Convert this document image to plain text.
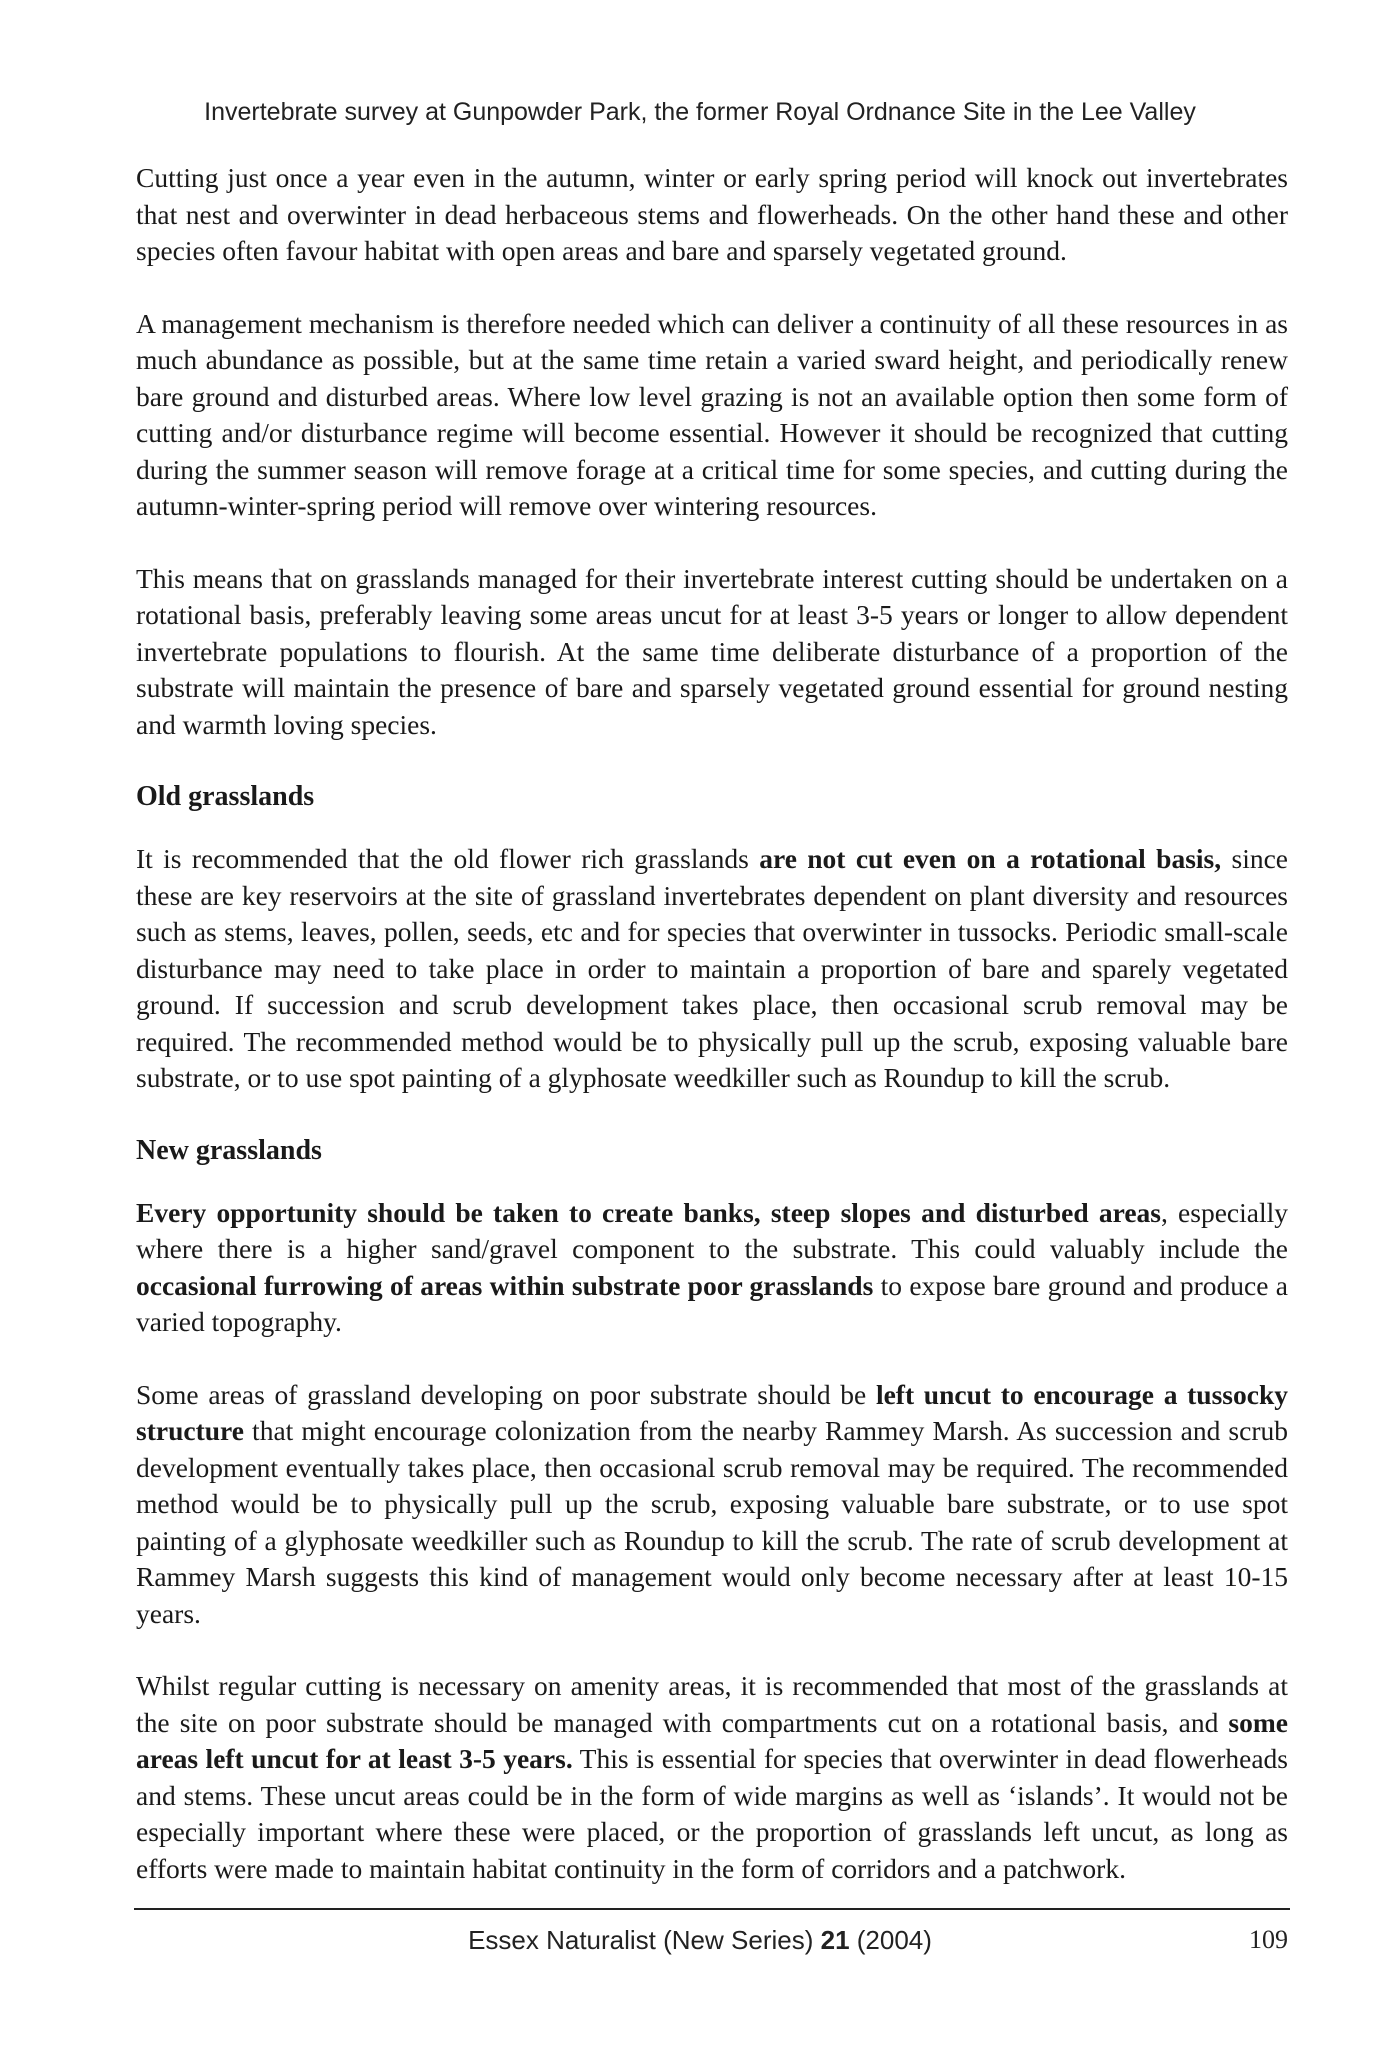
Invertebrate survey at Gunpowder Park, the former Royal Ordnance Site in the Lee Valley

Cutting just once a year even in the autumn, winter or early spring period will knock out invertebrates that nest and overwinter in dead herbaceous stems and flowerheads. On the other hand these and other species often favour habitat with open areas and bare and sparsely vegetated ground.

A management mechanism is therefore needed which can deliver a continuity of all these resources in as much abundance as possible, but at the same time retain a varied sward height, and periodically renew bare ground and disturbed areas. Where low level grazing is not an available option then some form of cutting and/or disturbance regime will become essential. However it should be recognized that cutting during the summer season will remove forage at a critical time for some species, and cutting during the autumn-winter-spring period will remove over wintering resources.

This means that on grasslands managed for their invertebrate interest cutting should be undertaken on a rotational basis, preferably leaving some areas uncut for at least 3-5 years or longer to allow dependent invertebrate populations to flourish. At the same time deliberate disturbance of a proportion of the substrate will maintain the presence of bare and sparsely vegetated ground essential for ground nesting and warmth loving species.

Old grasslands

It is recommended that the old flower rich grasslands are not cut even on a rotational basis, since these are key reservoirs at the site of grassland invertebrates dependent on plant diversity and resources such as stems, leaves, pollen, seeds, etc and for species that overwinter in tussocks. Periodic small-scale disturbance may need to take place in order to maintain a proportion of bare and sparely vegetated ground. If succession and scrub development takes place, then occasional scrub removal may be required. The recommended method would be to physically pull up the scrub, exposing valuable bare substrate, or to use spot painting of a glyphosate weedkiller such as Roundup to kill the scrub.

New grasslands

Every opportunity should be taken to create banks, steep slopes and disturbed areas, especially where there is a higher sand/gravel component to the substrate. This could valuably include the occasional furrowing of areas within substrate poor grasslands to expose bare ground and produce a varied topography.

Some areas of grassland developing on poor substrate should be left uncut to encourage a tussocky structure that might encourage colonization from the nearby Rammey Marsh. As succession and scrub development eventually takes place, then occasional scrub removal may be required. The recommended method would be to physically pull up the scrub, exposing valuable bare substrate, or to use spot painting of a glyphosate weedkiller such as Roundup to kill the scrub. The rate of scrub development at Rammey Marsh suggests this kind of management would only become necessary after at least 10-15 years.

Whilst regular cutting is necessary on amenity areas, it is recommended that most of the grasslands at the site on poor substrate should be managed with compartments cut on a rotational basis, and some areas left uncut for at least 3-5 years. This is essential for species that overwinter in dead flowerheads and stems. These uncut areas could be in the form of wide margins as well as ‘islands’. It would not be especially important where these were placed, or the proportion of grasslands left uncut, as long as efforts were made to maintain habitat continuity in the form of corridors and a patchwork.

Essex Naturalist (New Series) 21 (2004)	109
